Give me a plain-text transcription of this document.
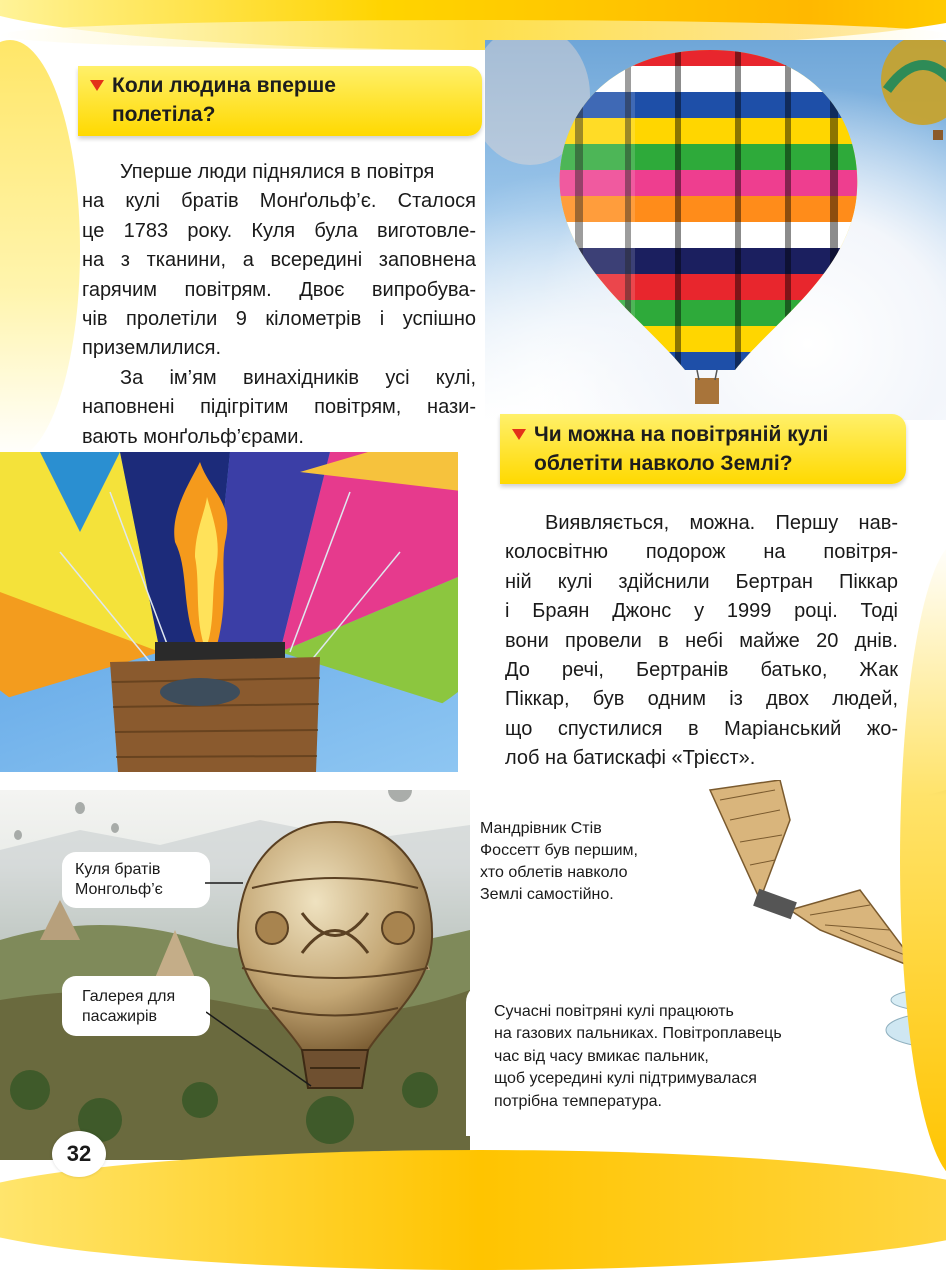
Коли людина вперше
полетіла?
Уперше люди піднялися в повітря
на кулі братів Монґольф’є. Сталося
це 1783 року. Куля була виготовле-
на з тканини, а всередині заповнена
гарячим повітрям. Двоє випробува-
чів пролетіли 9 кілометрів і успішно
приземлилися.
За ім’ям винахідників усі кулі,
наповнені підігрітим повітрям, нази-
вають монґольф’єрами.	Чи можна на повітряній кулі
облетіти навколо Землі?
Виявляється, можна. Першу нав-
колосвітню подорож на повітря-
ній кулі здійснили Бертран Піккар
і Браян Джонс у 1999 році. Тоді
вони провели в небі майже 20 днів.
До речі, Бертранів батько, Жак
Піккар, був одним із двох людей,
що спустилися в Маріанський жо-
лоб на батискафі «Трієст».
Куля братів
Монгольф’є
Галерея для
пасажирів
Мандрівник Стів
Фоссетт був першим,
хто облетів навколо
Землі самостійно.
Сучасні повітряні кулі працюють
на газових пальниках. Повітроплавець
час від часу вмикає пальник,
щоб усередині кулі підтримувалася
потрібна температура.
32
